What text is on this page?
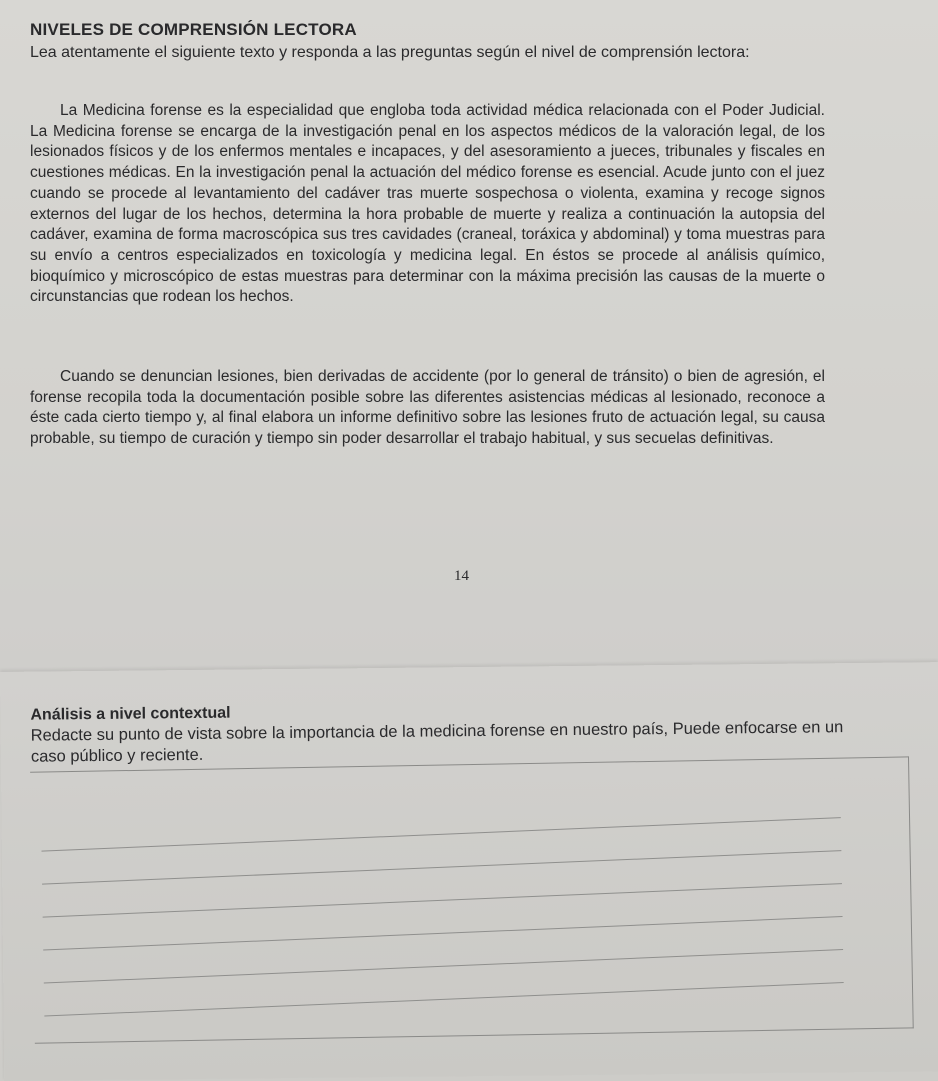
NIVELES DE COMPRENSIÓN LECTORA
Lea atentamente el siguiente texto y responda a las preguntas según el nivel de comprensión lectora:

La Medicina forense es la especialidad que engloba toda actividad médica relacionada con el Poder Judicial. La Medicina forense se encarga de la investigación penal en los aspectos médicos de la valoración legal, de los lesionados físicos y de los enfermos mentales e incapaces, y del asesoramiento a jueces, tribunales y fiscales en cuestiones médicas. En la investigación penal la actuación del médico forense es esencial. Acude junto con el juez cuando se procede al levantamiento del cadáver tras muerte sospechosa o violenta, examina y recoge signos externos del lugar de los hechos, determina la hora probable de muerte y realiza a continuación la autopsia del cadáver, examina de forma macroscópica sus tres cavidades (craneal, toráxica y abdominal) y toma muestras para su envío a centros especializados en toxicología y medicina legal. En éstos se procede al análisis químico, bioquímico y microscópico de estas muestras para determinar con la máxima precisión las causas de la muerte o circunstancias que rodean los hechos.

Cuando se denuncian lesiones, bien derivadas de accidente (por lo general de tránsito) o bien de agresión, el forense recopila toda la documentación posible sobre las diferentes asistencias médicas al lesionado, reconoce a éste cada cierto tiempo y, al final elabora un informe definitivo sobre las lesiones fruto de actuación legal, su causa probable, su tiempo de curación y tiempo sin poder desarrollar el trabajo habitual, y sus secuelas definitivas.

14
Análisis a nivel contextual
Redacte su punto de vista sobre la importancia de la medicina forense en nuestro país, Puede enfocarse en un caso público y reciente.
